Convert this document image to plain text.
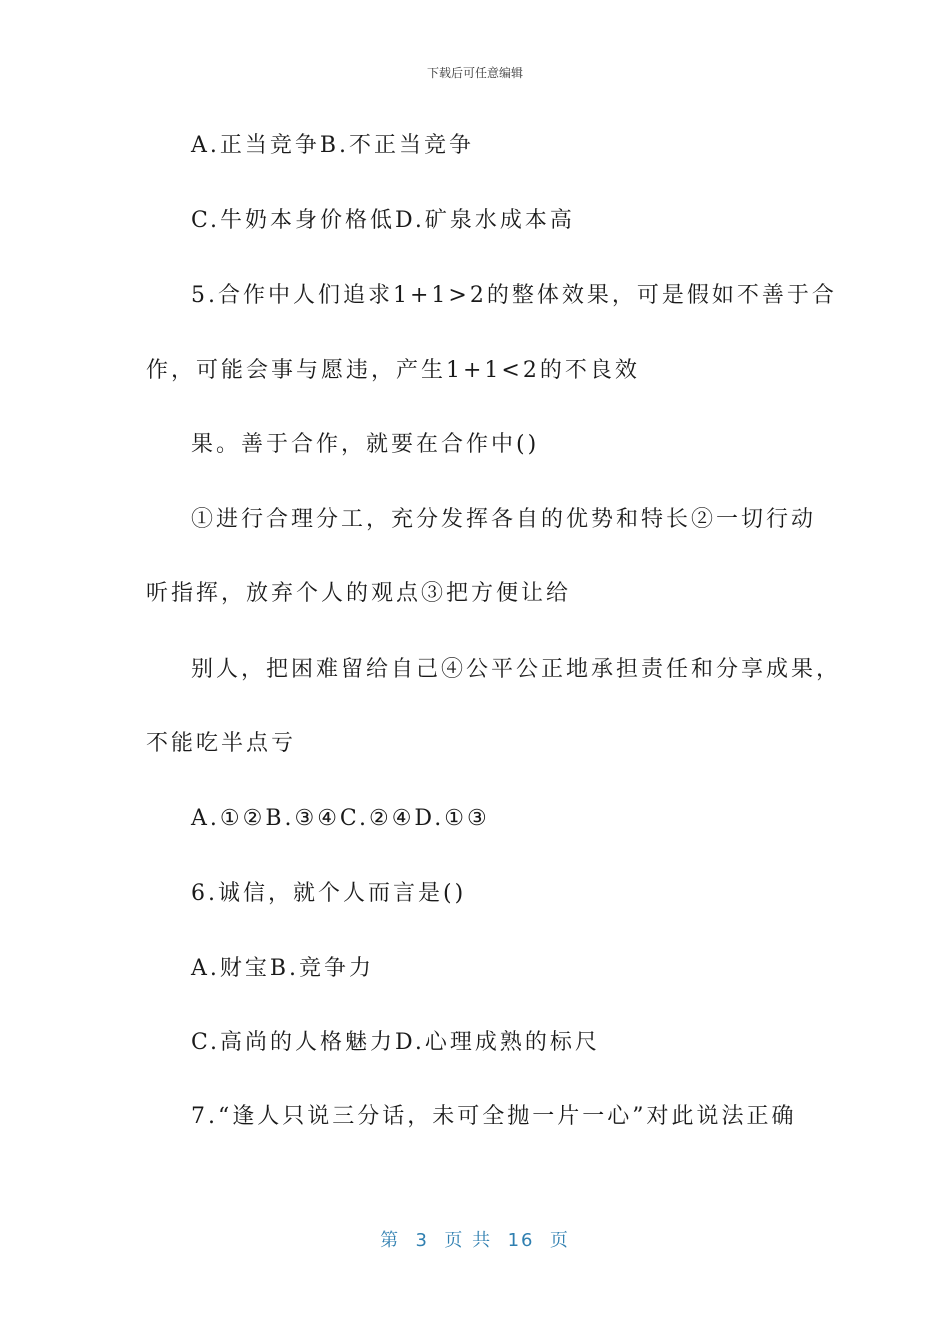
下载后可任意编辑
A.正当竞争B.不正当竞争
C.牛奶本身价格低D.矿泉水成本高
5.合作中人们追求1+1>2的整体效果，可是假如不善于合
作，可能会事与愿违，产生1+1<2的不良效
果。善于合作，就要在合作中()
①进行合理分工，充分发挥各自的优势和特长②一切行动
听指挥，放弃个人的观点③把方便让给
别人，把困难留给自己④公平公正地承担责任和分享成果，
不能吃半点亏
A.①②B.③④C.②④D.①③
6.诚信，就个人而言是()
A.财宝B.竞争力
C.高尚的人格魅力D.心理成熟的标尺
7.“逢人只说三分话，未可全抛一片一心”对此说法正确
第  3  页 共  16  页
